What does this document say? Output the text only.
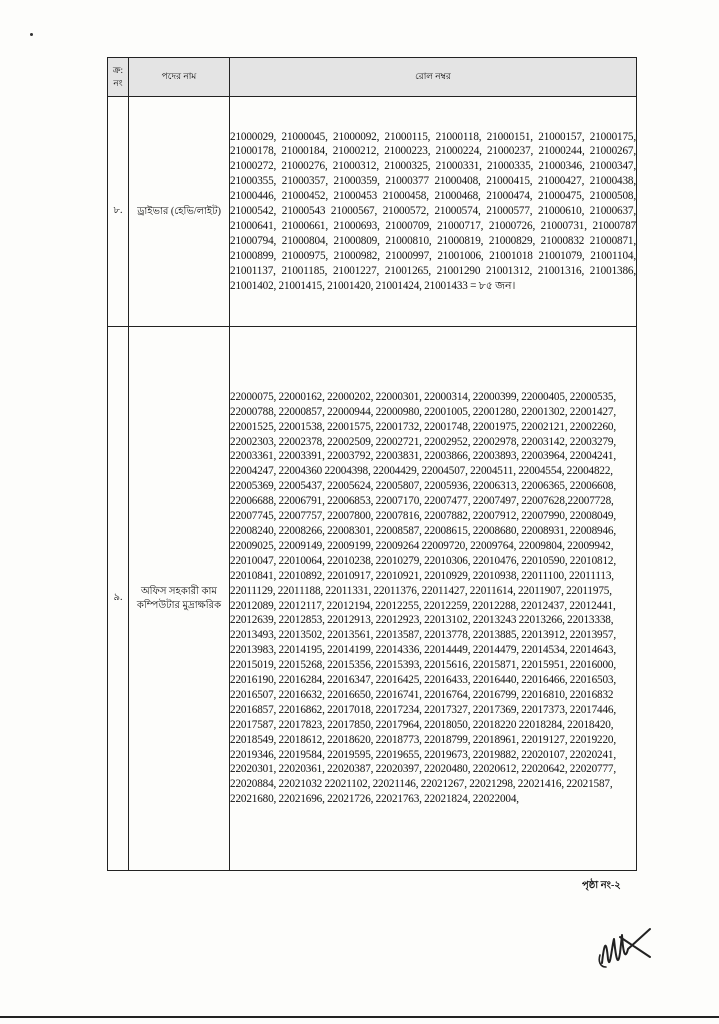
ক্র:
নং	পদের নাম	রোল নম্বর
৮.	ড্রাইভার (হেভি/লাইট)	21000029, 21000045, 21000092, 21000115, 21000118, 21000151, 21000157, 21000175, 21000178, 21000184, 21000212, 21000223, 21000224, 21000237, 21000244, 21000267, 21000272, 21000276, 21000312, 21000325, 21000331, 21000335, 21000346, 21000347, 21000355, 21000357, 21000359, 21000377 21000408, 21000415, 21000427, 21000438, 21000446, 21000452, 21000453 21000458, 21000468, 21000474, 21000475, 21000508, 21000542, 21000543 21000567, 21000572, 21000574, 21000577, 21000610, 21000637, 21000641, 21000661, 21000693, 21000709, 21000717, 21000726, 21000731, 21000787 21000794, 21000804, 21000809, 21000810, 21000819, 21000829, 21000832 21000871, 21000899, 21000975, 21000982, 21000997, 21001006, 21001018 21001079, 21001104, 21001137, 21001185, 21001227, 21001265, 21001290 21001312, 21001316, 21001386, 21001402, 21001415, 21001420, 21001424, 21001433 = ৮৫ জন।

৯.	অফিস সহকারী কাম
কম্পিউটার মুদ্রাক্ষরিক	22000075, 22000162, 22000202, 22000301, 22000314, 22000399, 22000405, 22000535, 22000788, 22000857, 22000944, 22000980, 22001005, 22001280, 22001302, 22001427, 22001525, 22001538, 22001575, 22001732, 22001748, 22001975, 22002121, 22002260, 22002303, 22002378, 22002509, 22002721, 22002952, 22002978, 22003142, 22003279, 22003361, 22003391, 22003792, 22003831, 22003866, 22003893, 22003964, 22004241, 22004247, 22004360 22004398, 22004429, 22004507, 22004511, 22004554, 22004822, 22005369, 22005437, 22005624, 22005807, 22005936, 22006313, 22006365, 22006608, 22006688, 22006791, 22006853, 22007170, 22007477, 22007497, 22007628,22007728, 22007745, 22007757, 22007800, 22007816, 22007882, 22007912, 22007990, 22008049, 22008240, 22008266, 22008301, 22008587, 22008615, 22008680, 22008931, 22008946, 22009025, 22009149, 22009199, 22009264 22009720, 22009764, 22009804, 22009942, 22010047, 22010064, 22010238, 22010279, 22010306, 22010476, 22010590, 22010812, 22010841, 22010892, 22010917, 22010921, 22010929, 22010938, 22011100, 22011113, 22011129, 22011188, 22011331, 22011376, 22011427, 22011614, 22011907, 22011975, 22012089, 22012117, 22012194, 22012255, 22012259, 22012288, 22012437, 22012441, 22012639, 22012853, 22012913, 22012923, 22013102, 22013243 22013266, 22013338, 22013493, 22013502, 22013561, 22013587, 22013778, 22013885, 22013912, 22013957, 22013983, 22014195, 22014199, 22014336, 22014449, 22014479, 22014534, 22014643, 22015019, 22015268, 22015356, 22015393, 22015616, 22015871, 22015951, 22016000, 22016190, 22016284, 22016347, 22016425, 22016433, 22016440, 22016466, 22016503, 22016507, 22016632, 22016650, 22016741, 22016764, 22016799, 22016810, 22016832 22016857, 22016862, 22017018, 22017234, 22017327, 22017369, 22017373, 22017446, 22017587, 22017823, 22017850, 22017964, 22018050, 22018220 22018284, 22018420, 22018549, 22018612, 22018620, 22018773, 22018799, 22018961, 22019127, 22019220, 22019346, 22019584, 22019595, 22019655, 22019673, 22019882, 22020107, 22020241, 22020301, 22020361, 22020387, 22020397, 22020480, 22020612, 22020642, 22020777, 22020884, 22021032 22021102, 22021146, 22021267, 22021298, 22021416, 22021587, 22021680, 22021696, 22021726, 22021763, 22021824, 22022004,
পৃষ্ঠা নং-২
